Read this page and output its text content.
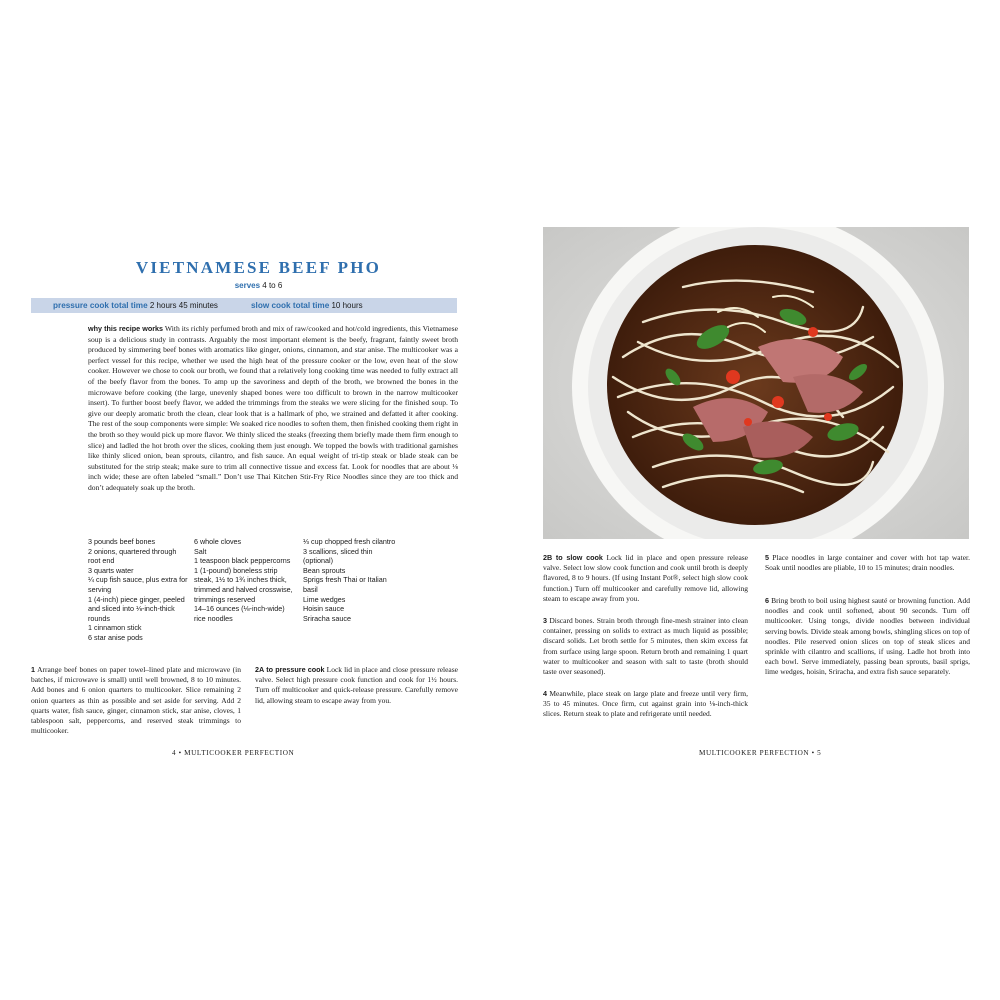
VIETNAMESE BEEF PHO
serves 4 to 6
pressure cook total time 2 hours 45 minutes	slow cook total time 10 hours

why this recipe works With its richly perfumed broth and mix of raw/cooked and hot/cold ingredients, this Vietnamese soup is a delicious study in contrasts. Arguably the most important element is the beefy, fragrant, faintly sweet broth produced by simmering beef bones with aromatics like ginger, onions, cinnamon, and star anise. The multicooker was a perfect vessel for this recipe, whether we used the high heat of the pressure cooker or the low, even heat of the slow cooker. However we chose to cook our broth, we found that a relatively long cooking time was needed to fully extract all of the beefy flavor from the bones. To amp up the savoriness and depth of the broth, we browned the bones in the microwave before cooking (the large, unevenly shaped bones were too difficult to brown in the narrow multicooker insert). To further boost beefy flavor, we added the trimmings from the steaks we were slicing for the finished soup. To give our deeply aromatic broth the clean, clear look that is a hallmark of pho, we strained and defatted it after cooking. The rest of the soup components were simple: We soaked rice noodles to soften them, then finished cooking them right in the broth so they would pick up more flavor. We thinly sliced the steaks (freezing them briefly made them firm enough to slice) and ladled the hot broth over the slices, cooking them just enough. We topped the bowls with traditional garnishes like thinly sliced onion, bean sprouts, cilantro, and fish sauce. An equal weight of tri-tip steak or blade steak can be substituted for the strip steak; make sure to trim all connective tissue and excess fat. Look for noodles that are about ⅛ inch wide; these are often labeled “small.” Don’t use Thai Kitchen Stir-Fry Rice Noodles since they are too thick and don’t adequately soak up the broth.

3 pounds beef bones
2 onions, quartered through root end
3 quarts water
¼ cup fish sauce, plus extra for serving
1 (4-inch) piece ginger, peeled and sliced into ⅛-inch-thick rounds
1 cinnamon stick
6 star anise pods
6 whole cloves
Salt
1 teaspoon black peppercorns
1 (1-pound) boneless strip steak, 1½ to 1¾ inches thick, trimmed and halved crosswise, trimmings reserved
14–16 ounces (⅛-inch-wide) rice noodles
⅓ cup chopped fresh cilantro
3 scallions, sliced thin (optional)
Bean sprouts
Sprigs fresh Thai or Italian basil
Lime wedges
Hoisin sauce
Sriracha sauce

1 Arrange beef bones on paper towel–lined plate and microwave (in batches, if microwave is small) until well browned, 8 to 10 minutes. Add bones and 6 onion quarters to multicooker. Slice remaining 2 onion quarters as thin as possible and set aside for serving. Add 2 quarts water, fish sauce, ginger, cinnamon stick, star anise, cloves, 1 tablespoon salt, peppercorns, and reserved steak trimmings to multicooker.

2A to pressure cook Lock lid in place and close pressure release valve. Select high pressure cook function and cook for 1½ hours. Turn off multicooker and quick-release pressure. Carefully remove lid, allowing steam to escape away from you.

4 • MULTICOOKER PERFECTION

2B to slow cook Lock lid in place and open pressure release valve. Select low slow cook function and cook until broth is deeply flavored, 8 to 9 hours. (If using Instant Pot®, select high slow cook function.) Turn off multicooker and carefully remove lid, allowing steam to escape away from you.

3 Discard bones. Strain broth through fine-mesh strainer into clean container, pressing on solids to extract as much liquid as possible; discard solids. Let broth settle for 5 minutes, then skim excess fat from surface using large spoon. Return broth and remaining 1 quart water to multicooker and season with salt to taste (broth should taste over seasoned).

4 Meanwhile, place steak on large plate and freeze until very firm, 35 to 45 minutes. Once firm, cut against grain into ⅛-inch-thick slices. Return steak to plate and refrigerate until needed.

5 Place noodles in large container and cover with hot tap water. Soak until noodles are pliable, 10 to 15 minutes; drain noodles.

6 Bring broth to boil using highest sauté or browning function. Add noodles and cook until softened, about 90 seconds. Turn off multicooker. Using tongs, divide noodles between individual serving bowls. Divide steak among bowls, shingling slices on top of noodles. Pile reserved onion slices on top of steak slices and sprinkle with cilantro and scallions, if using. Ladle hot broth into each bowl. Serve immediately, passing bean sprouts, basil sprigs, lime wedges, hoisin, Sriracha, and extra fish sauce separately.

MULTICOOKER PERFECTION • 5
